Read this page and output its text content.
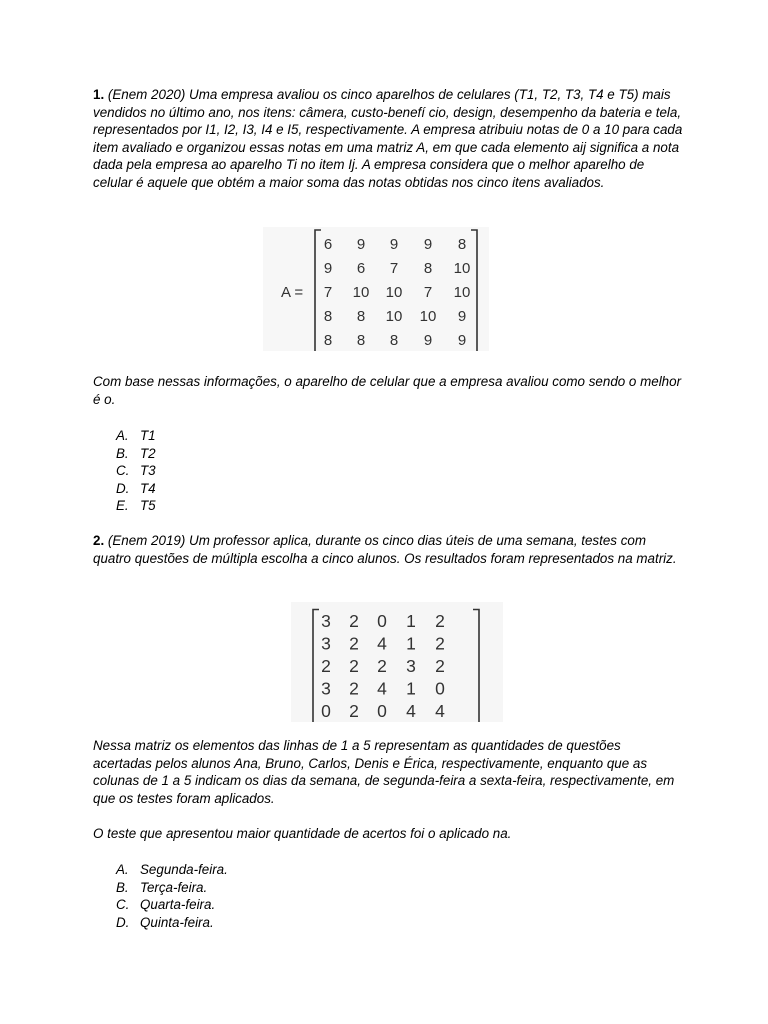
1. (Enem 2020) Uma empresa avaliou os cinco aparelhos de celulares (T1, T2, T3, T4 e T5) mais vendidos no último ano, nos itens: câmera, custo-benefí cio, design, desempenho da bateria e tela, representados por I1, I2, I3, I4 e I5, respectivamente. A empresa atribuiu notas de 0 a 10 para cada item avaliado e organizou essas notas em uma matriz A, em que cada elemento aij significa a nota dada pela empresa ao aparelho Ti no item Ij. A empresa considera que o melhor aparelho de celular é aquele que obtém a maior soma das notas obtidas nos cinco itens avaliados.

A =
6 9 9 9 8
9 6 7 8 10
7 10 10 7 10
8 8 10 10 9
8 8 8 9 9

Com base nessas informações, o aparelho de celular que a empresa avaliou como sendo o melhor é o.

A. T1
B. T2
C. T3
D. T4
E. T5

2. (Enem 2019) Um professor aplica, durante os cinco dias úteis de uma semana, testes com quatro questões de múltipla escolha a cinco alunos. Os resultados foram representados na matriz.

3 2 0 1 2
3 2 4 1 2
2 2 2 3 2
3 2 4 1 0
0 2 0 4 4

Nessa matriz os elementos das linhas de 1 a 5 representam as quantidades de questões acertadas pelos alunos Ana, Bruno, Carlos, Denis e Érica, respectivamente, enquanto que as colunas de 1 a 5 indicam os dias da semana, de segunda-feira a sexta-feira, respectivamente, em que os testes foram aplicados.

O teste que apresentou maior quantidade de acertos foi o aplicado na.

A. Segunda-feira.
B. Terça-feira.
C. Quarta-feira.
D. Quinta-feira.
